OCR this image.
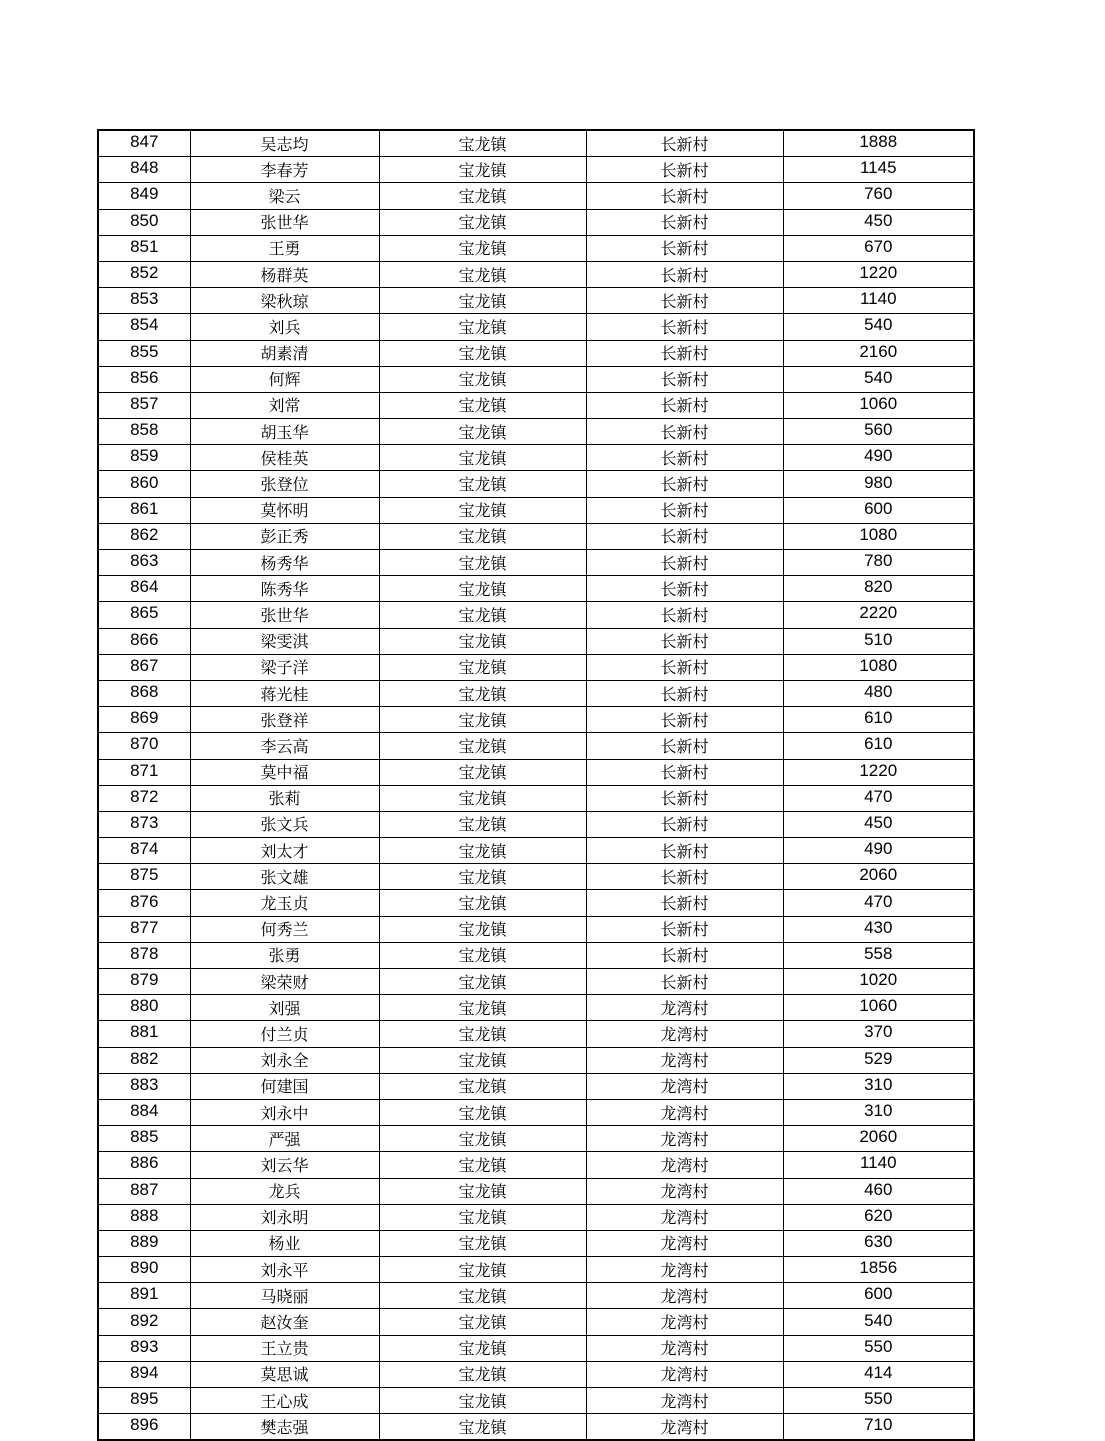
847	吴志均	宝龙镇	长新村	1888
848	李春芳	宝龙镇	长新村	1145
849	梁云	宝龙镇	长新村	760
850	张世华	宝龙镇	长新村	450
851	王勇	宝龙镇	长新村	670
852	杨群英	宝龙镇	长新村	1220
853	梁秋琼	宝龙镇	长新村	1140
854	刘兵	宝龙镇	长新村	540
855	胡素清	宝龙镇	长新村	2160
856	何辉	宝龙镇	长新村	540
857	刘常	宝龙镇	长新村	1060
858	胡玉华	宝龙镇	长新村	560
859	侯桂英	宝龙镇	长新村	490
860	张登位	宝龙镇	长新村	980
861	莫怀明	宝龙镇	长新村	600
862	彭正秀	宝龙镇	长新村	1080
863	杨秀华	宝龙镇	长新村	780
864	陈秀华	宝龙镇	长新村	820
865	张世华	宝龙镇	长新村	2220
866	梁雯淇	宝龙镇	长新村	510
867	梁子洋	宝龙镇	长新村	1080
868	蒋光桂	宝龙镇	长新村	480
869	张登祥	宝龙镇	长新村	610
870	李云高	宝龙镇	长新村	610
871	莫中福	宝龙镇	长新村	1220
872	张莉	宝龙镇	长新村	470
873	张文兵	宝龙镇	长新村	450
874	刘太才	宝龙镇	长新村	490
875	张文雄	宝龙镇	长新村	2060
876	龙玉贞	宝龙镇	长新村	470
877	何秀兰	宝龙镇	长新村	430
878	张勇	宝龙镇	长新村	558
879	梁荣财	宝龙镇	长新村	1020
880	刘强	宝龙镇	龙湾村	1060
881	付兰贞	宝龙镇	龙湾村	370
882	刘永全	宝龙镇	龙湾村	529
883	何建国	宝龙镇	龙湾村	310
884	刘永中	宝龙镇	龙湾村	310
885	严强	宝龙镇	龙湾村	2060
886	刘云华	宝龙镇	龙湾村	1140
887	龙兵	宝龙镇	龙湾村	460
888	刘永明	宝龙镇	龙湾村	620
889	杨业	宝龙镇	龙湾村	630
890	刘永平	宝龙镇	龙湾村	1856
891	马晓丽	宝龙镇	龙湾村	600
892	赵汝奎	宝龙镇	龙湾村	540
893	王立贵	宝龙镇	龙湾村	550
894	莫思诚	宝龙镇	龙湾村	414
895	王心成	宝龙镇	龙湾村	550
896	樊志强	宝龙镇	龙湾村	710
